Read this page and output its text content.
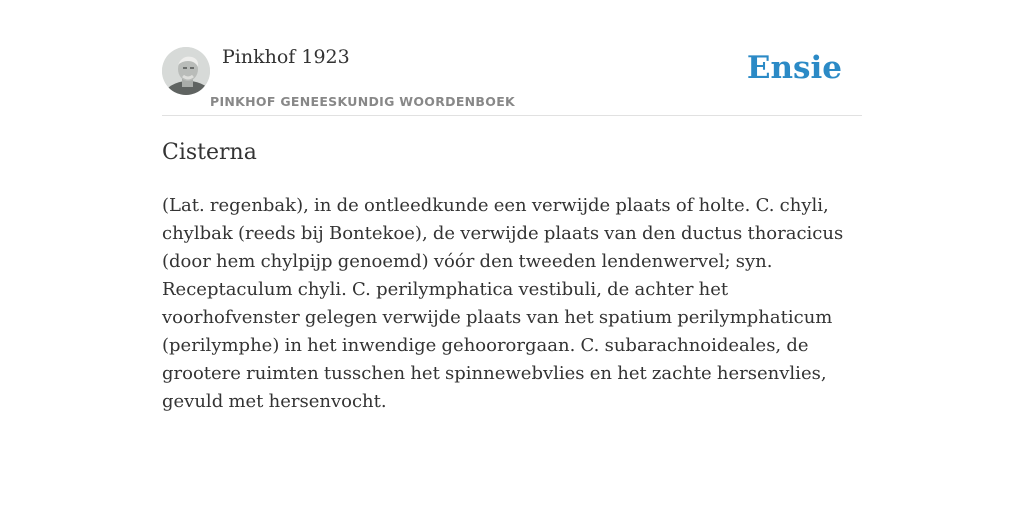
Pinkhof 1923
PINKHOF GENEESKUNDIG WOORDENBOEK
Ensie
Cisterna

(Lat. regenbak), in de ontleedkunde een verwijde plaats of holte. C. chyli, chylbak (reeds bij Bontekoe), de verwijde plaats van den ductus thoracicus (door hem chylpijp genoemd) vóór den tweeden lendenwervel; syn. Receptaculum chyli. C. perilymphatica vestibuli, de achter het voorhofvenster gelegen verwijde plaats van het spatium perilymphaticum (perilymphe) in het inwendige gehoororgaan. C. subarachnoideales, de grootere ruimten tusschen het spinnewebvlies en het zachte hersenvlies, gevuld met hersenvocht.
